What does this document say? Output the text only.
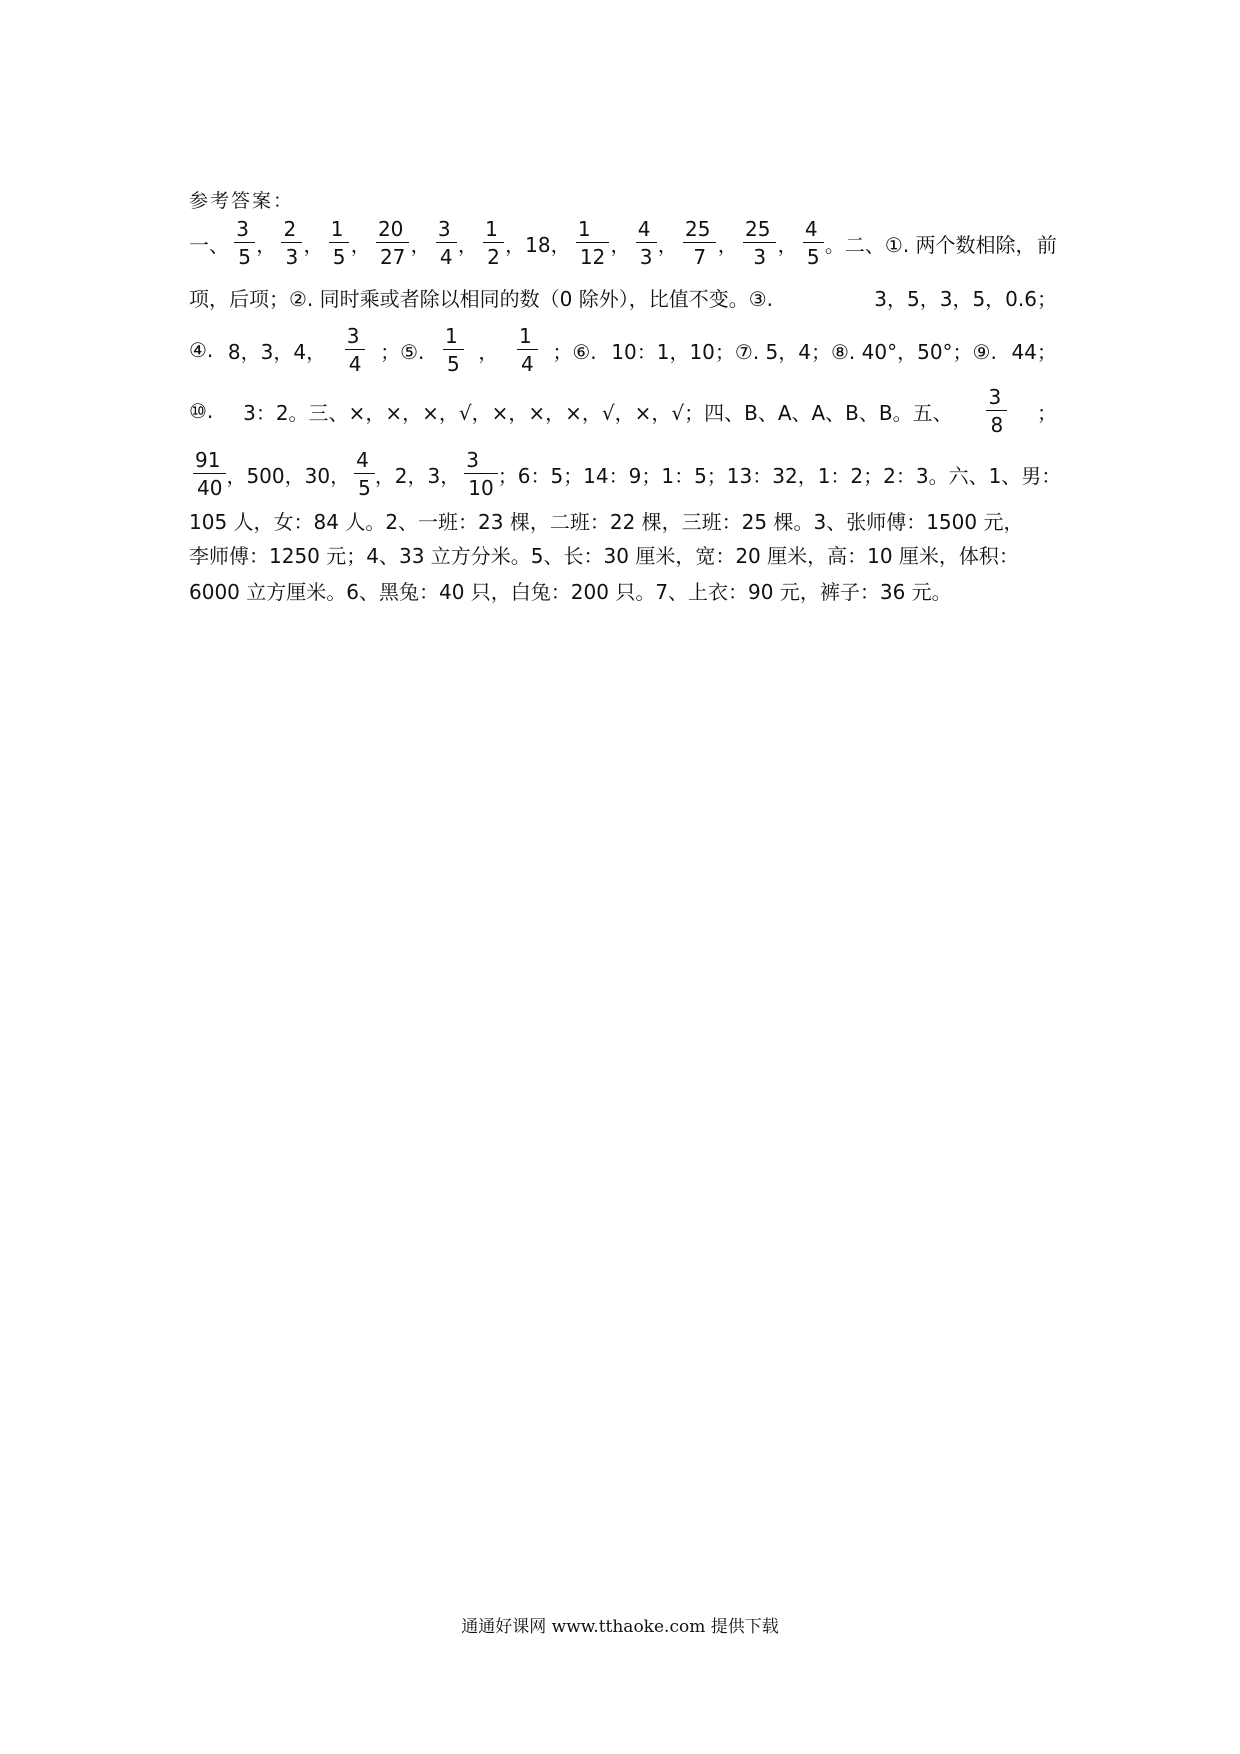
参考答案：
一、 $\frac{3}{5}$ ， $\frac{2}{3}$ ， $\frac{1}{5}$ ， $\frac{20}{27}$ ， $\frac{3}{4}$ ， $\frac{1}{2}$ ，18， $\frac{1}{12}$ ， $\frac{4}{3}$ ， $\frac{25}{7}$ ， $\frac{25}{3}$ ， $\frac{4}{5}$ 。二、①. 两个数相除， 前
项，后项；②. 同时乘或者除以相同的数（0 除外），比值不变。③.	3，5，3，5，0.6；
④. 8，3，4， $\frac{3}{4}$ ；⑤. $\frac{1}{5}$ ， $\frac{1}{4}$ ；⑥. 10：1，10；⑦. 5，4；⑧. 40°，50°；⑨. 44；
⑩. 3：2。三、×，×，×，√，×，×，×，√，×，√；四、B、A、A、B、B。五、 $\frac{3}{8}$ ；
$\frac{91}{40}$ ，500，30， $\frac{4}{5}$ ，2，3， $\frac{3}{10}$ ；6：5；14：9；1：5；13：32，1：2；2：3。六、1、男：
105 人，女：84 人。2、一班：23 棵，二班：22 棵，三班：25 棵。3、张师傅：1500 元，
李师傅：1250 元；4、33 立方分米。5、长：30 厘米，宽：20 厘米，高：10 厘米，体积：
6000 立方厘米。6、黑兔：40 只，白兔：200 只。7、上衣：90 元，裤子：36 元。
通通好课网 www.tthaoke.com 提供下载
